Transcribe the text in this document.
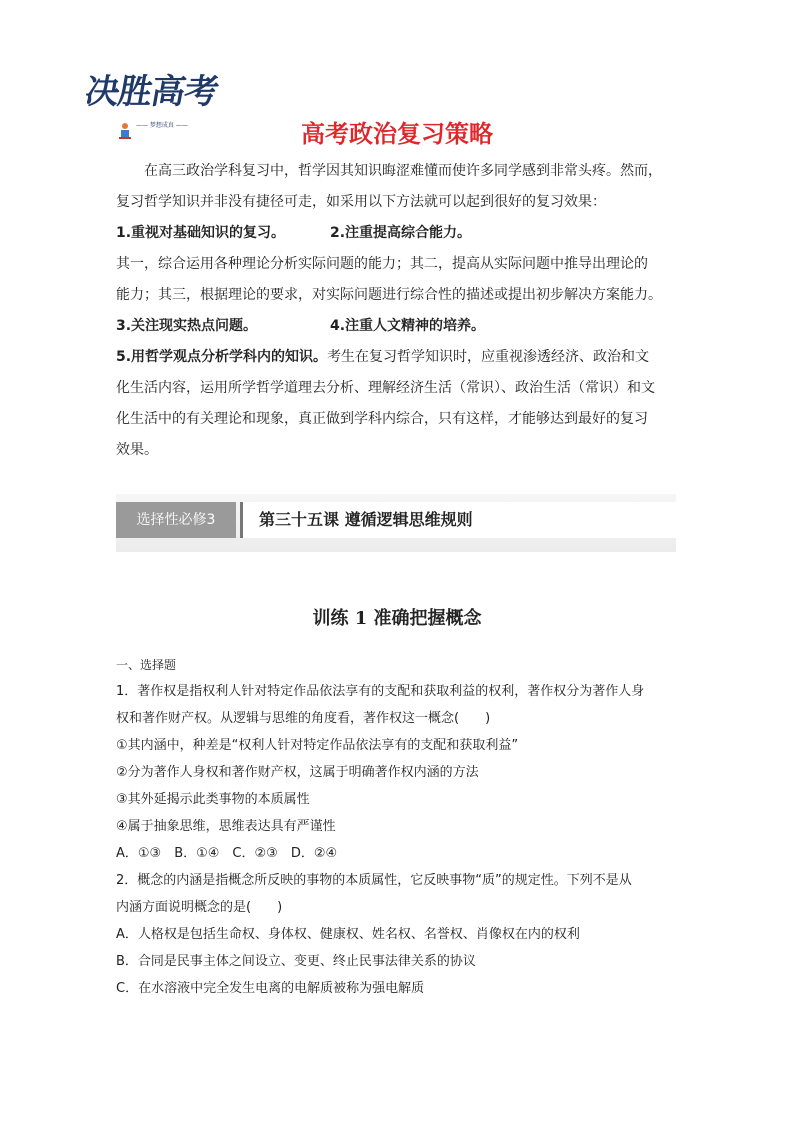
决胜高考
—— 梦想成真 ——	高考政治复习策略

　　在高三政治学科复习中，哲学因其知识晦涩难懂而使许多同学感到非常头疼。然而，

复习哲学知识并非没有捷径可走，如采用以下方法就可以起到很好的复习效果：

1.重视对基础知识的复习。	2.注重提高综合能力。

其一，综合运用各种理论分析实际问题的能力；其二，提高从实际问题中推导出理论的

能力；其三，根据理论的要求，对实际问题进行综合性的描述或提出初步解决方案能力。

3.关注现实热点问题。	4.注重人文精神的培养。

5.用哲学观点分析学科内的知识。考生在复习哲学知识时，应重视渗透经济、政治和文

化生活内容，运用所学哲学道理去分析、理解经济生活（常识）、政治生活（常识）和文

化生活中的有关理论和现象，真正做到学科内综合，只有这样，才能够达到最好的复习

效果。

选择性必修3	第三十五课 遵循逻辑思维规则
训练 1 准确把握概念
一、选择题

1．著作权是指权利人针对特定作品依法享有的支配和获取利益的权利，著作权分为著作人身

权和著作财产权。从逻辑与思维的角度看，著作权这一概念(　　)

①其内涵中，种差是“权利人针对特定作品依法享有的支配和获取利益”

②分为著作人身权和著作财产权，这属于明确著作权内涵的方法

③其外延揭示此类事物的本质属性

④属于抽象思维，思维表达具有严谨性

A．①③　B．①④　C．②③　D．②④

2．概念的内涵是指概念所反映的事物的本质属性，它反映事物“质”的规定性。下列不是从

内涵方面说明概念的是(　　)

A．人格权是包括生命权、身体权、健康权、姓名权、名誉权、肖像权在内的权利

B．合同是民事主体之间设立、变更、终止民事法律关系的协议

C．在水溶液中完全发生电离的电解质被称为强电解质
